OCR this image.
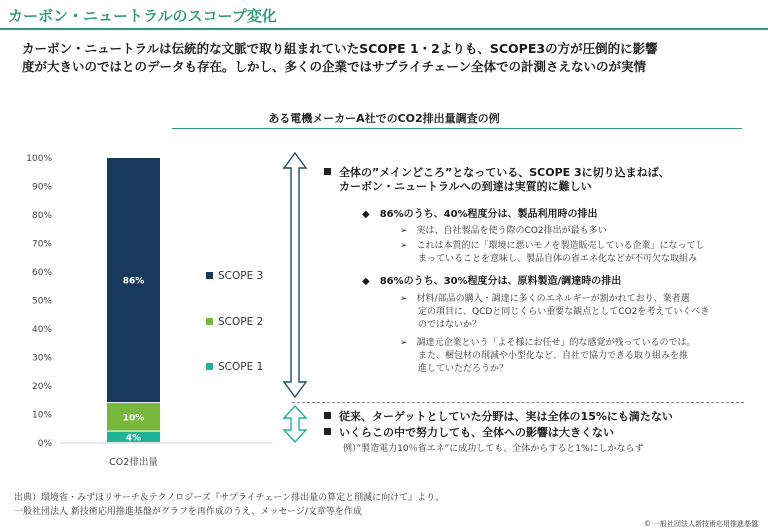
カーボン・ニュートラルのスコープ変化
カーボン・ニュートラルは伝統的な文脈で取り組まれていたSCOPE 1・2よりも、SCOPE3の方が圧倒的に影響
度が大きいのではとのデータも存在。しかし、多くの企業ではサプライチェーン全体での計測さえないのが実情
ある電機メーカーA社でのCO2排出量調査の例
0%
10%
20%
30%
40%
50%
60%
70%
80%
90%
100%
4%
10%
86%
SCOPE 1
SCOPE 2
SCOPE 3
CO2排出量
全体の”メインどころ”となっている、SCOPE 3に切り込まねば、
カーボン・ニュートラルへの到達は実質的に難しい
◆　86%のうち、40%程度分は、製品利用時の排出
➢　実は、自社製品を使う際のCO2排出が最も多い
➢　これは本質的に「環境に悪いモノを製造販売している企業」になってし
まっていることを意味し、製品自体の省エネ化などが不可欠な取組み
◆　86%のうち、30%程度分は、原料製造/調達時の排出
➢　材料/部品の購入・調達に多くのエネルギーが割かれており、業者選
定の項目に、QCDと同じくらい重要な観点としてCO2を考えていくべき
のではないか？
➢　調達元企業という「よそ様にお任せ」的な感覚が残っているのでは。
また、梱包材の削減や小型化など、自社で協力できる取り組みを推
進していただろうか？
従来、ターゲットとしていた分野は、実は全体の15%にも満たない
いくらこの中で努力しても、全体への影響は大きくない
例）”製造電力10％省エネ”に成功しても、全体からすると1%にしかならず
出典）環境省・みずほリサーチ＆テクノロジーズ『サプライチェーン排出量の算定と削減に向けて』より、
一般社団法人 新技術応用推進基盤がグラフを再作成のうえ、メッセージ/文章等を作成
© 一般社団法人新技術応用推進基盤
